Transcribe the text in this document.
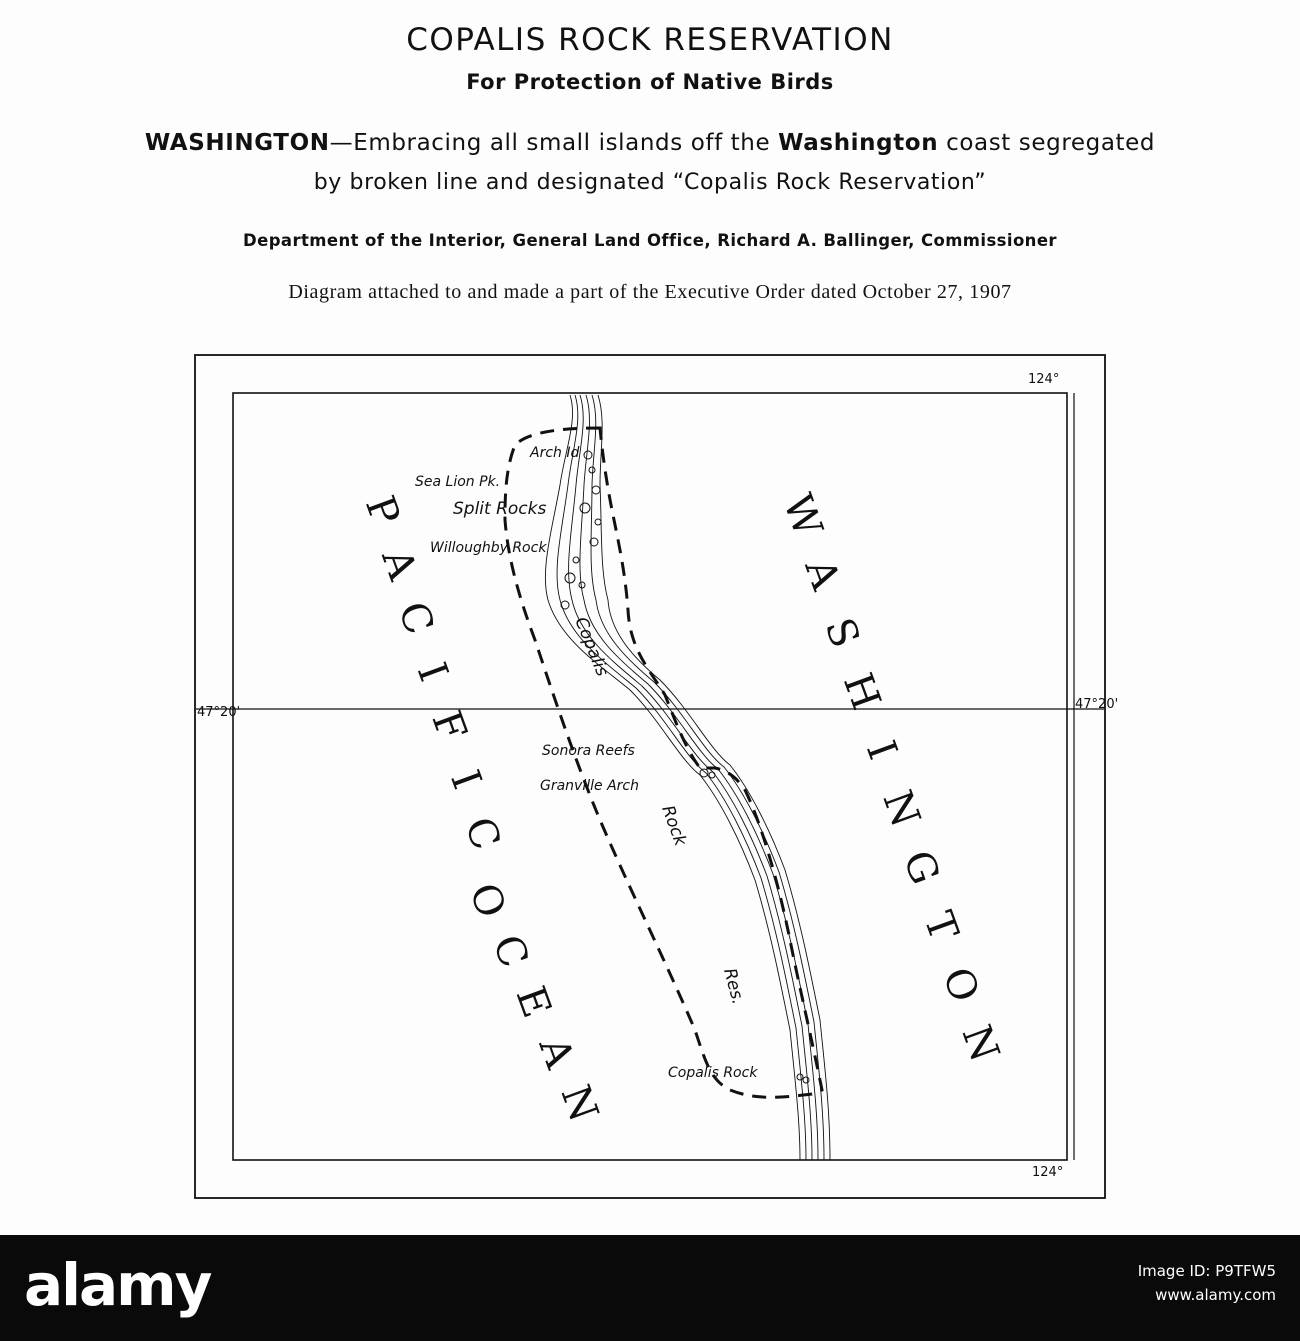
COPALIS ROCK RESERVATION
For Protection of Native Birds
WASHINGTON—Embracing all small islands off the Washington coast segregated
by broken line and designated “Copalis Rock Reservation”
Department of the Interior, General Land Office, Richard A. Ballinger, Commissioner
Diagram attached to and made a part of the Executive Order dated October 27, 1907
124°
124°
47°20'
47°20'
Arch Id
Sea Lion Pk.
Split Rocks
Willoughby Rock
Sonora Reefs
Granville Arch
Copalis Rock
Copalis
Rock
Res.
W
A
S
H
I
N
G
T
O
N
P
A
C
I
F
I
C
O
C
E
A
N
alamy	Image ID: P9TFW5
www.alamy.com
